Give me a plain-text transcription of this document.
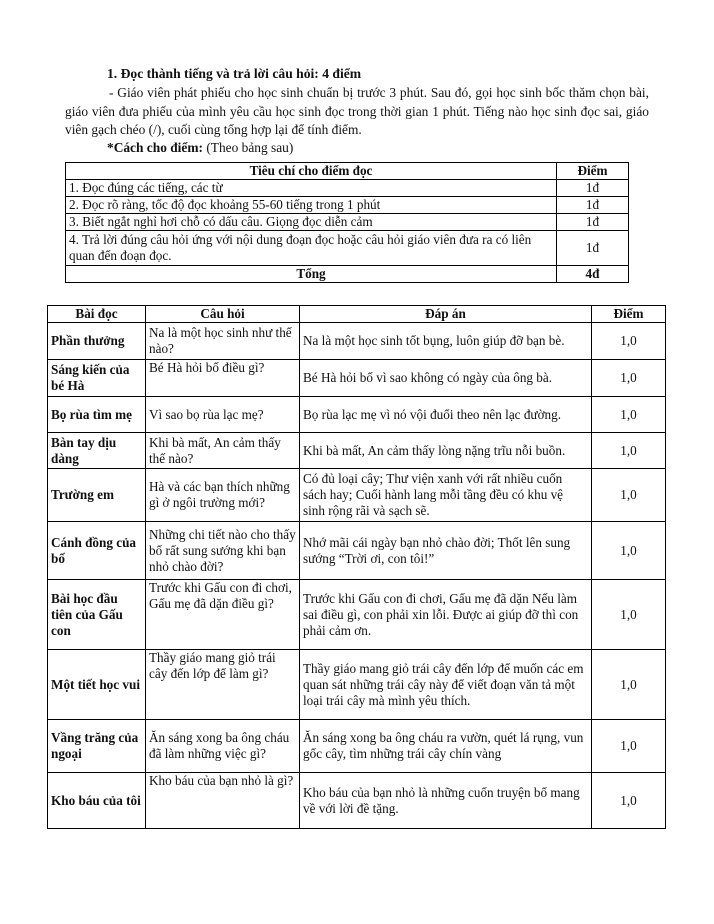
1. Đọc thành tiếng và trả lời câu hỏi: 4 điểm
- Giáo viên phát phiếu cho học sinh chuẩn bị trước 3 phút. Sau đó, gọi học sinh bốc thăm chọn bài, giáo viên đưa phiếu của mình yêu cầu học sinh đọc trong thời gian 1 phút. Tiếng nào học sinh đọc sai, giáo viên gạch chéo (/), cuối cùng tổng hợp lại để tính điểm.
*Cách cho điểm: (Theo bảng sau)
Tiêu chí cho điểm đọc	Điểm
1. Đọc đúng các tiếng, các từ	1đ
2. Đọc rõ ràng, tốc độ đọc khoảng 55-60 tiếng trong 1 phút	1đ
3. Biết ngắt nghỉ hơi chỗ có dấu câu. Giọng đọc diễn cảm	1đ
4. Trả lời đúng câu hỏi ứng với nội dung đoạn đọc hoặc câu hỏi giáo viên đưa ra có liên quan đến đoạn đọc.	1đ
Tổng	4đ
Bài đọc	Câu hỏi	Đáp án	Điểm
Phần thưởng	Na là một học sinh như thế nào?	Na là một học sinh tốt bụng, luôn giúp đỡ bạn bè.	1,0
Sáng kiến của bé Hà	Bé Hà hỏi bố điều gì?	Bé Hà hỏi bố vì sao không có ngày của ông bà.	1,0
Bọ rùa tìm mẹ	Vì sao bọ rùa lạc mẹ?	Bọ rùa lạc mẹ vì nó vội đuổi theo nên lạc đường.	1,0
Bàn tay dịu dàng	Khi bà mất, An cảm thấy thế nào?	Khi bà mất, An cảm thấy lòng nặng trĩu nỗi buồn.	1,0
Trường em	Hà và các bạn thích những gì ở ngôi trường mới?	Có đủ loại cây; Thư viện xanh với rất nhiều cuốn sách hay; Cuối hành lang mỗi tầng đều có khu vệ sinh rộng rãi và sạch sẽ.	1,0
Cánh đồng của bố	Những chi tiết nào cho thấy bố rất sung sướng khi bạn nhỏ chào đời?	Nhớ mãi cái ngày bạn nhỏ chào đời; Thốt lên sung sướng “Trời ơi, con tôi!”	1,0
Bài học đầu tiên của Gấu con	Trước khi Gấu con đi chơi, Gấu mẹ đã dặn điều gì?	Trước khi Gấu con đi chơi, Gấu mẹ đã dặn Nếu làm sai điều gì, con phải xin lỗi. Được ai giúp đỡ thì con phải cảm ơn.	1,0
Một tiết học vui	Thầy giáo mang giỏ trái cây đến lớp để làm gì?	Thầy giáo mang giỏ trái cây đến lớp để muốn các em quan sát những trái cây này để viết đoạn văn tả một loại trái cây mà mình yêu thích.	1,0
Vầng trăng của ngoại	Ăn sáng xong ba ông cháu đã làm những việc gì?	Ăn sáng xong ba ông cháu ra vườn, quét lá rụng, vun gốc cây, tìm những trái cây chín vàng	1,0
Kho báu của tôi	Kho báu của bạn nhỏ là gì?	Kho báu của bạn nhỏ là những cuốn truyện bố mang về với lời đề tặng.	1,0
